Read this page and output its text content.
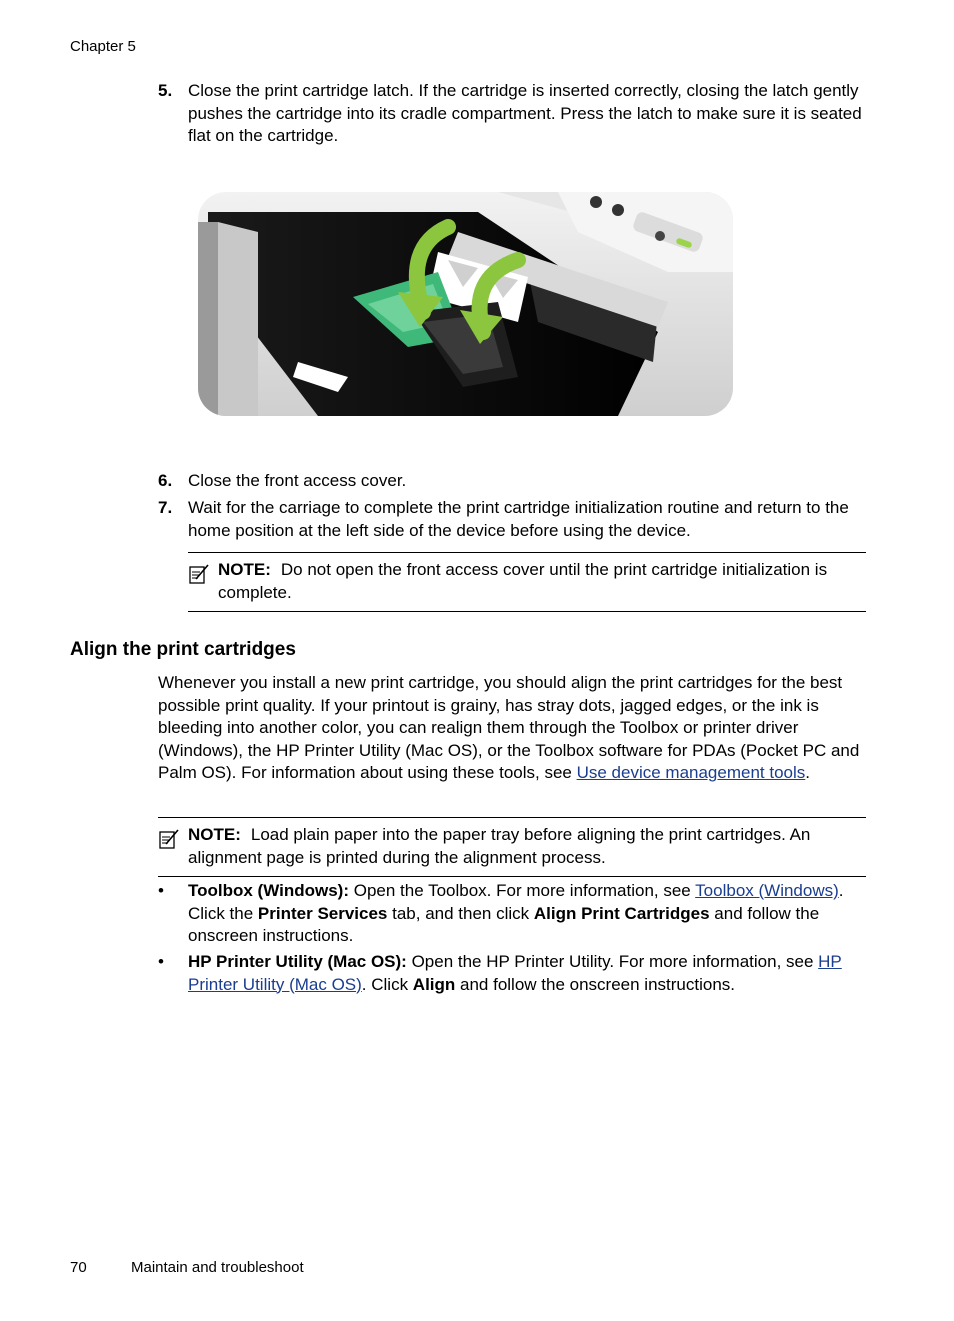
Chapter 5
5. Close the print cartridge latch. If the cartridge is inserted correctly, closing the latch gently pushes the cartridge into its cradle compartment. Press the latch to make sure it is seated flat on the cartridge.
6. Close the front access cover.
7. Wait for the carriage to complete the print cartridge initialization routine and return to the home position at the left side of the device before using the device.
NOTE: Do not open the front access cover until the print cartridge initialization is complete.
Align the print cartridges
Whenever you install a new print cartridge, you should align the print cartridges for the best possible print quality. If your printout is grainy, has stray dots, jagged edges, or the ink is bleeding into another color, you can realign them through the Toolbox or printer driver (Windows), the HP Printer Utility (Mac OS), or the Toolbox software for PDAs (Pocket PC and Palm OS). For information about using these tools, see Use device management tools.
NOTE: Load plain paper into the paper tray before aligning the print cartridges. An alignment page is printed during the alignment process.
• Toolbox (Windows): Open the Toolbox. For more information, see Toolbox (Windows). Click the Printer Services tab, and then click Align Print Cartridges and follow the onscreen instructions.
• HP Printer Utility (Mac OS): Open the HP Printer Utility. For more information, see HP Printer Utility (Mac OS). Click Align and follow the onscreen instructions.
70	Maintain and troubleshoot
